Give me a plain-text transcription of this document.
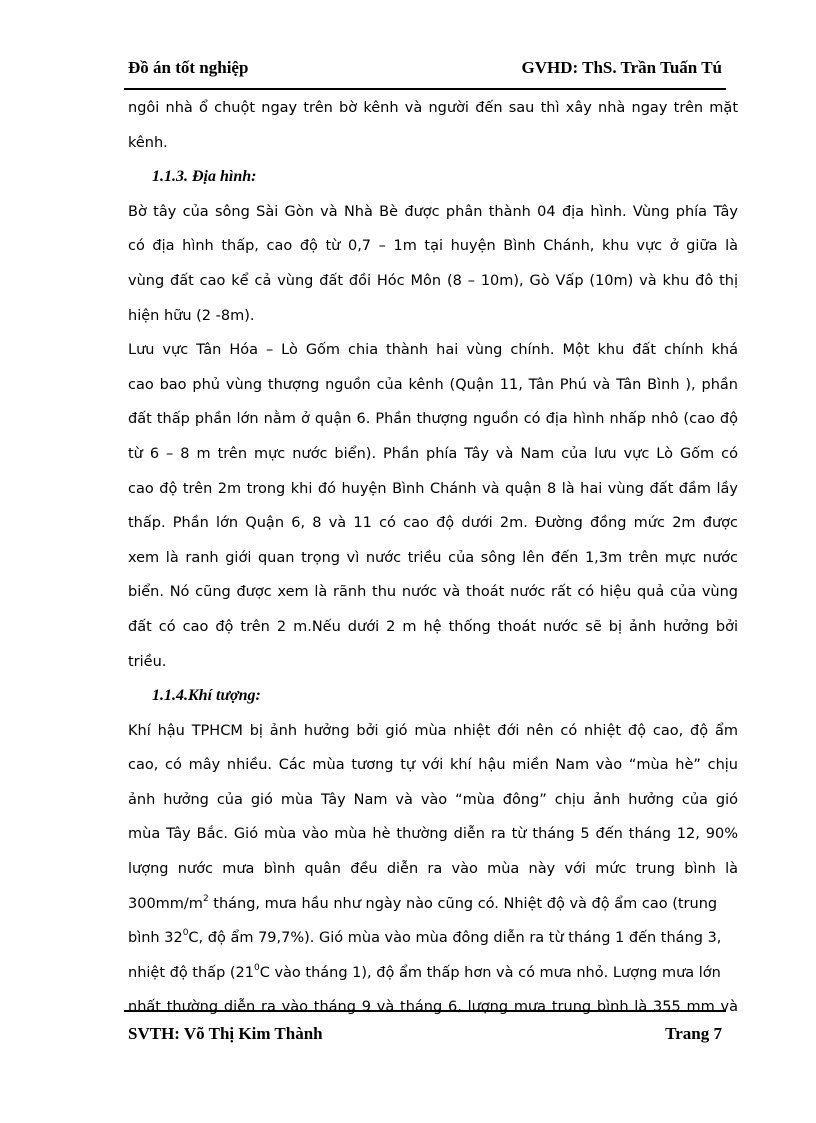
Đồ án tốt nghiệp	GVHD: ThS. Trần Tuấn Tú
ngôi nhà ổ chuột ngay trên bờ kênh và người đến sau thì xây nhà ngay trên mặt
kênh.
1.1.3. Địa hình:
Bờ tây của sông Sài Gòn và Nhà Bè được phân thành 04 địa hình. Vùng phía Tây
có địa hình thấp, cao độ từ 0,7 – 1m tại huyện Bình Chánh, khu vực ở giữa là
vùng đất cao kể cả vùng đất đồi Hóc Môn (8 – 10m), Gò Vấp (10m) và khu đô thị
hiện hữu (2 -8m).
Lưu vực Tân Hóa – Lò Gốm chia thành hai vùng chính. Một khu đất chính khá
cao bao phủ vùng thượng nguồn của kênh (Quận 11, Tân Phú và Tân Bình ), phần
đất thấp phần lớn nằm ở quận 6. Phần thượng nguồn có địa hình nhấp nhô (cao độ
từ 6 – 8 m trên mực nước biển). Phần phía Tây và Nam của lưu vực Lò Gốm có
cao độ trên 2m trong khi đó huyện Bình Chánh và quận 8 là hai vùng đất đầm lầy
thấp. Phần lớn Quận 6, 8 và 11 có cao độ dưới 2m. Đường đồng mức 2m được
xem là ranh giới quan trọng vì nước triều của sông lên đến 1,3m trên mực nước
biển. Nó cũng được xem là rãnh thu nước và thoát nước rất có hiệu quả của vùng
đất có cao độ trên 2 m.Nếu dưới 2 m hệ thống thoát nước sẽ bị ảnh hưởng bởi
triều.
1.1.4.Khí tượng:
Khí hậu TPHCM bị ảnh hưởng bởi gió mùa nhiệt đới nên có nhiệt độ cao, độ ẩm
cao, có mây nhiều. Các mùa tương tự với khí hậu miền Nam vào “mùa hè” chịu
ảnh hưởng của gió mùa Tây Nam và vào “mùa đông” chịu ảnh hưởng của gió
mùa Tây Bắc. Gió mùa vào mùa hè thường diễn ra từ tháng 5 đến tháng 12, 90%
lượng nước mưa bình quân đều diễn ra vào mùa này với mức trung bình là
$300mm/m^2$ tháng, mưa hầu như ngày nào cũng có. Nhiệt độ và độ ẩm cao (trung
bình $32^0C$, độ ẩm 79,7%). Gió mùa vào mùa đông diễn ra từ tháng 1 đến tháng 3,
nhiệt độ thấp ($21^0C$ vào tháng 1), độ ẩm thấp hơn và có mưa nhỏ. Lượng mưa lớn
nhất thường diễn ra vào tháng 9 và tháng 6, lượng mưa trung bình là 355 mm và
SVTH: Võ Thị Kim Thành	Trang 7
